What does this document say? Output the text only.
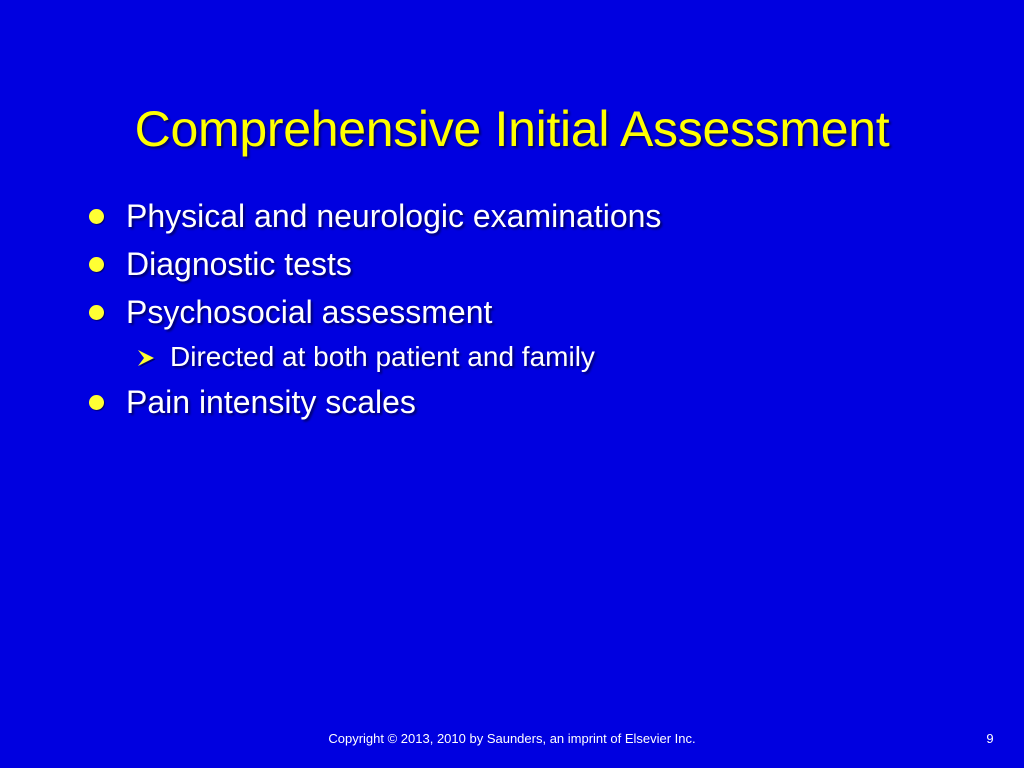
Comprehensive Initial Assessment
Physical and neurologic examinations
Diagnostic tests
Psychosocial assessment
Directed at both patient and family
Pain intensity scales
Copyright © 2013, 2010 by Saunders, an imprint of Elsevier Inc.	9
